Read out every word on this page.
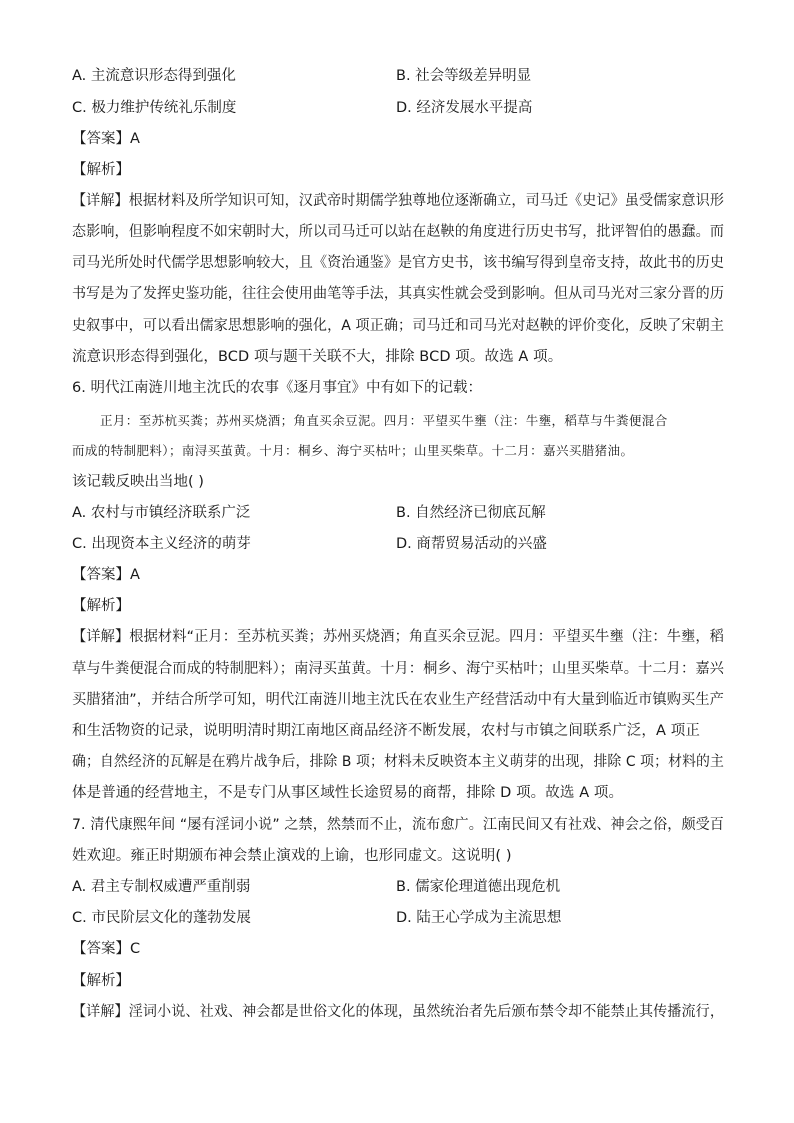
A. 主流意识形态得到强化	B. 社会等级差异明显
C. 极力维护传统礼乐制度	D. 经济发展水平提高
【答案】A
【解析】
【详解】根据材料及所学知识可知，汉武帝时期儒学独尊地位逐渐确立，司马迁《史记》虽受儒家意识形
态影响，但影响程度不如宋朝时大，所以司马迁可以站在赵鞅的角度进行历史书写，批评智伯的愚蠢。而
司马光所处时代儒学思想影响较大，且《资治通鉴》是官方史书，该书编写得到皇帝支持，故此书的历史
书写是为了发挥史鉴功能，往往会使用曲笔等手法，其真实性就会受到影响。但从司马光对三家分晋的历
史叙事中，可以看出儒家思想影响的强化，A 项正确；司马迁和司马光对赵鞅的评价变化，反映了宋朝主
流意识形态得到强化，BCD 项与题干关联不大，排除 BCD 项。故选 A 项。
6. 明代江南涟川地主沈氏的农事《逐月事宜》中有如下的记载：
正月：至苏杭买粪；苏州买烧酒；角直买余豆泥。四月：平望买牛壅（注：牛壅，稻草与牛粪便混合
而成的特制肥料）；南浔买茧黄。十月：桐乡、海宁买枯叶；山里买柴草。十二月：嘉兴买腊猪油。
该记载反映出当地( )
A. 农村与市镇经济联系广泛	B. 自然经济已彻底瓦解
C. 出现资本主义经济的萌芽	D. 商帮贸易活动的兴盛
【答案】A
【解析】
【详解】根据材料“正月：至苏杭买粪；苏州买烧酒；角直买余豆泥。四月：平望买牛壅（注：牛壅，稻
草与牛粪便混合而成的特制肥料）；南浔买茧黄。十月：桐乡、海宁买枯叶；山里买柴草。十二月：嘉兴
买腊猪油”，并结合所学可知，明代江南涟川地主沈氏在农业生产经营活动中有大量到临近市镇购买生产
和生活物资的记录，说明明清时期江南地区商品经济不断发展，农村与市镇之间联系广泛，A 项正
确；自然经济的瓦解是在鸦片战争后，排除 B 项；材料未反映资本主义萌芽的出现，排除 C 项；材料的主
体是普通的经营地主，不是专门从事区域性长途贸易的商帮，排除 D 项。故选 A 项。
7. 清代康熙年间 “屡有淫词小说” 之禁，然禁而不止，流布愈广。江南民间又有社戏、神会之俗，颇受百
姓欢迎。雍正时期颁布神会禁止演戏的上谕，也形同虚文。这说明( )
A. 君主专制权威遭严重削弱	B. 儒家伦理道德出现危机
C. 市民阶层文化的蓬勃发展	D. 陆王心学成为主流思想
【答案】C
【解析】
【详解】淫词小说、社戏、神会都是世俗文化的体现，虽然统治者先后颁布禁令却不能禁止其传播流行，
